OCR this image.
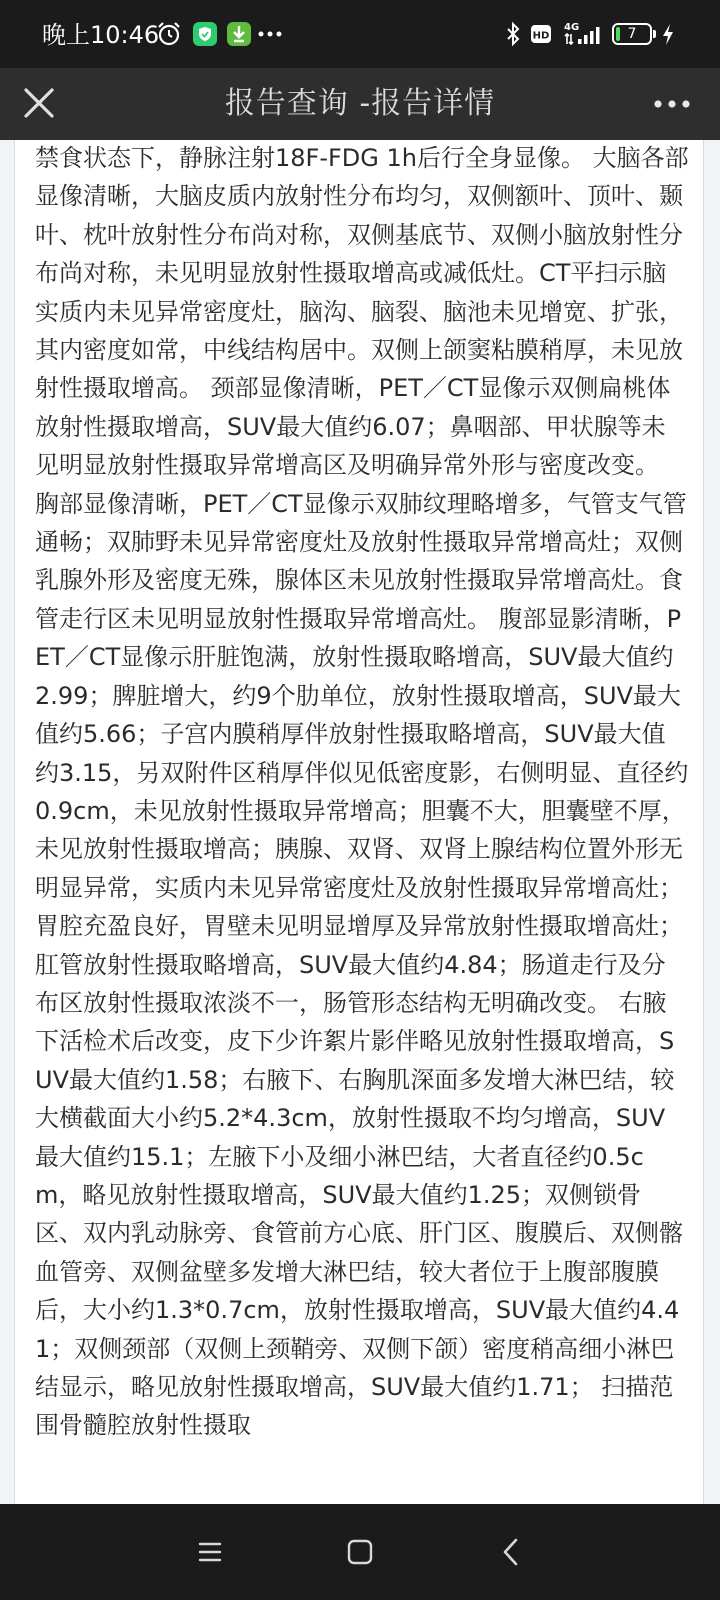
晚上10:46	HD
4G	7
报告查询 -报告详情

禁食状态下，静脉注射18F-FDG 1h后行全身显像。 大脑各部显像清晰，大脑皮质内放射性分布均匀，双侧额叶、顶叶、颞叶、枕叶放射性分布尚对称，双侧基底节、双侧小脑放射性分布尚对称，未见明显放射性摄取增高或减低灶。CT平扫示脑实质内未见异常密度灶，脑沟、脑裂、脑池未见增宽、扩张，其内密度如常，中线结构居中。双侧上颌窦粘膜稍厚，未见放射性摄取增高。 颈部显像清晰，PET／CT显像示双侧扁桃体放射性摄取增高，SUV最大值约6.07；鼻咽部、甲状腺等未见明显放射性摄取异常增高区及明确异常外形与密度改变。 胸部显像清晰，PET／CT显像示双肺纹理略增多，气管支气管通畅；双肺野未见异常密度灶及放射性摄取异常增高灶；双侧乳腺外形及密度无殊，腺体区未见放射性摄取异常增高灶。食管走行区未见明显放射性摄取异常增高灶。 腹部显影清晰，PET／CT显像示肝脏饱满，放射性摄取略增高，SUV最大值约2.99；脾脏增大，约9个肋单位，放射性摄取增高，SUV最大值约5.66；子宫内膜稍厚伴放射性摄取略增高，SUV最大值约3.15，另双附件区稍厚伴似见低密度影，右侧明显、直径约0.9cm，未见放射性摄取异常增高；胆囊不大，胆囊壁不厚，未见放射性摄取增高；胰腺、双肾、双肾上腺结构位置外形无明显异常，实质内未见异常密度灶及放射性摄取异常增高灶；胃腔充盈良好，胃壁未见明显增厚及异常放射性摄取增高灶；肛管放射性摄取略增高，SUV最大值约4.84；肠道走行及分布区放射性摄取浓淡不一，肠管形态结构无明确改变。 右腋下活检术后改变，皮下少许絮片影伴略见放射性摄取增高，SUV最大值约1.58；右腋下、右胸肌深面多发增大淋巴结，较大横截面大小约5.2*4.3cm，放射性摄取不均匀增高，SUV最大值约15.1；左腋下小及细小淋巴结，大者直径约0.5cm，略见放射性摄取增高，SUV最大值约1.25；双侧锁骨区、双内乳动脉旁、食管前方心底、肝门区、腹膜后、双侧髂血管旁、双侧盆壁多发增大淋巴结，较大者位于上腹部腹膜后，大小约1.3*0.7cm，放射性摄取增高，SUV最大值约4.41；双侧颈部（双侧上颈鞘旁、双侧下颌）密度稍高细小淋巴结显示，略见放射性摄取增高，SUV最大值约1.71； 扫描范围骨髓腔放射性摄取
